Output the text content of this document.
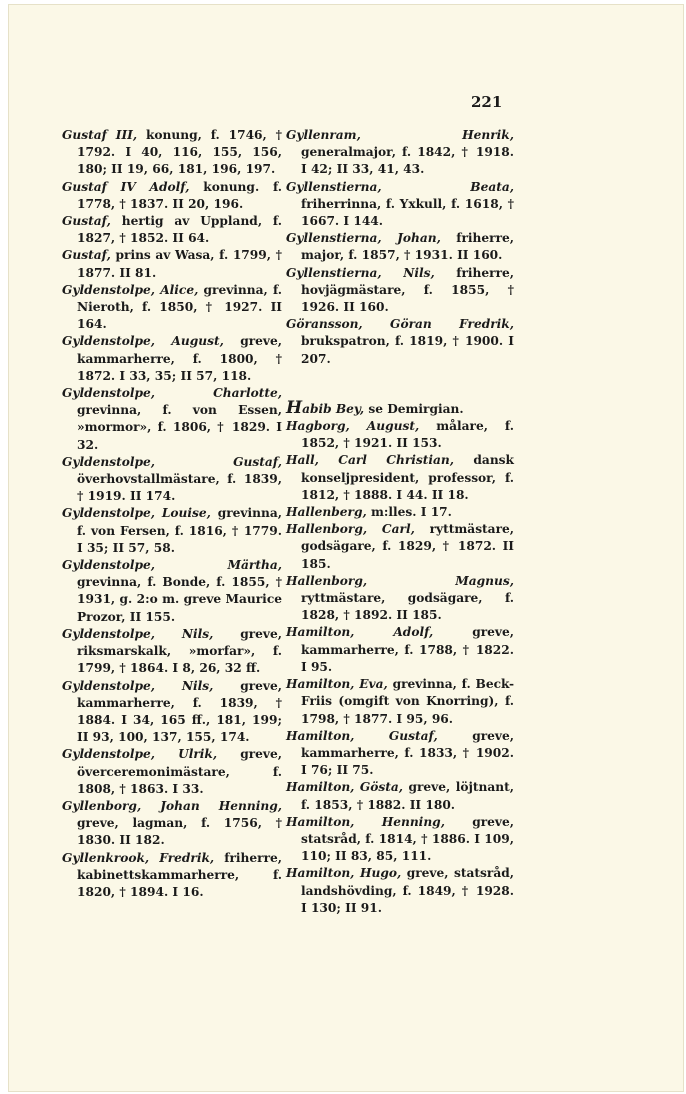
221

Gustaf III, konung, f. 1746, † 1792. I 40, 116, 155, 156, 180; II 19, 66, 181, 196, 197.

Gustaf IV Adolf, konung. f. 1778, † 1837. II 20, 196.

Gustaf, hertig av Uppland, f. 1827, † 1852. II 64.

Gustaf, prins av Wasa, f. 1799, † 1877. II 81.

Gyldenstolpe, Alice, grevinna, f. Nieroth, f. 1850, † 1927. II 164.

Gyldenstolpe, August, greve, kammarherre, f. 1800, † 1872. I 33, 35; II 57, 118.

Gyldenstolpe, Charlotte, grevinna, f. von Essen, »mormor», f. 1806, † 1829. I 32.

Gyldenstolpe, Gustaf, överhovstallmästare, f. 1839, † 1919. II 174.

Gyldenstolpe, Louise, grevinna, f. von Fersen, f. 1816, † 1779. I 35; II 57, 58.

Gyldenstolpe, Märtha, grevinna, f. Bonde, f. 1855, † 1931, g. 2:o m. greve Maurice Prozor, II 155.

Gyldenstolpe, Nils, greve, riksmarskalk, »morfar», f. 1799, † 1864. I 8, 26, 32 ff.

Gyldenstolpe, Nils, greve, kammarherre, f. 1839, † 1884. I 34, 165 ff., 181, 199; II 93, 100, 137, 155, 174.

Gyldenstolpe, Ulrik, greve, överceremonimästare, f. 1808, † 1863. I 33.

Gyllenborg, Johan Henning, greve, lagman, f. 1756, † 1830. II 182.

Gyllenkrook, Fredrik, friherre, kabinettskammarherre, f. 1820, † 1894. I 16.

Gyllenram, Henrik, generalmajor, f. 1842, † 1918. I 42; II 33, 41, 43.

Gyllenstierna, Beata, friherrinna, f. Yxkull, f. 1618, † 1667. I 144.

Gyllenstierna, Johan, friherre, major, f. 1857, † 1931. II 160.

Gyllenstierna, Nils, friherre, hovjägmästare, f. 1855, † 1926. II 160.

Göransson, Göran Fredrik, brukspatron, f. 1819, † 1900. I 207.

Habib Bey, se Demirgian.

Hagborg, August, målare, f. 1852, † 1921. II 153.

Hall, Carl Christian, dansk konseljpresident, professor, f. 1812, † 1888. I 44. II 18.

Hallenberg, m:lles. I 17.

Hallenborg, Carl, ryttmästare, godsägare, f. 1829, † 1872. II 185.

Hallenborg, Magnus, ryttmästare, godsägare, f. 1828, † 1892. II 185.

Hamilton, Adolf, greve, kammarherre, f. 1788, † 1822. I 95.

Hamilton, Eva, grevinna, f. Beck-Friis (omgift von Knorring), f. 1798, † 1877. I 95, 96.

Hamilton, Gustaf, greve, kammarherre, f. 1833, † 1902. I 76; II 75.

Hamilton, Gösta, greve, löjtnant, f. 1853, † 1882. II 180.

Hamilton, Henning, greve, statsråd, f. 1814, † 1886. I 109, 110; II 83, 85, 111.

Hamilton, Hugo, greve, statsråd, landshövding, f. 1849, † 1928. I 130; II 91.
